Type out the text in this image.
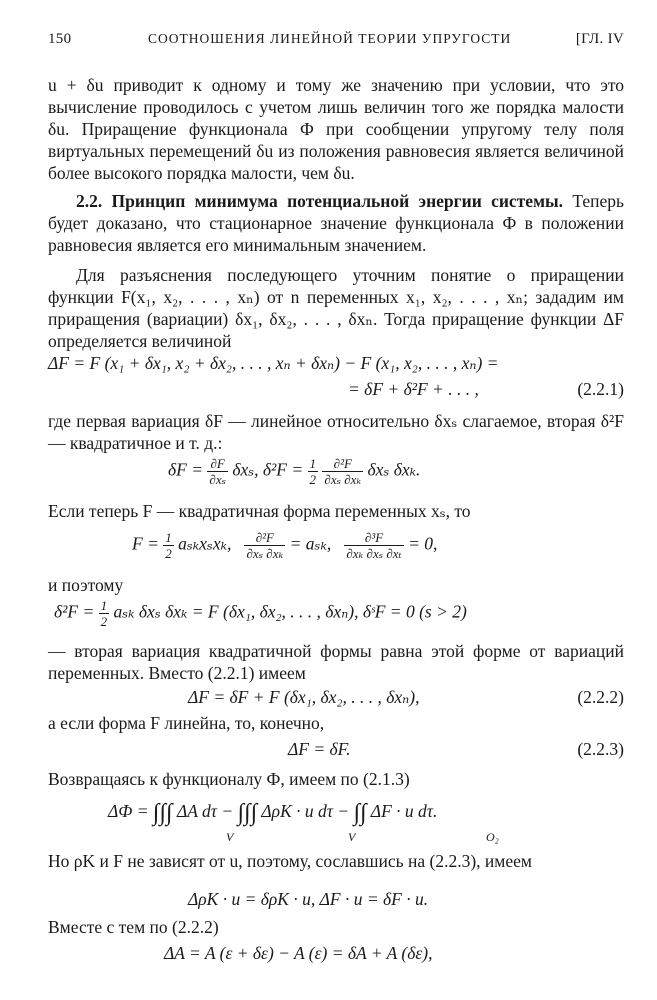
150	СООТНОШЕНИЯ ЛИНЕЙНОЙ ТЕОРИИ УПРУГОСТИ	[ГЛ. IV

u + δu приводит к одному и тому же значению при условии, что это вычисление проводилось с учетом лишь величин того же порядка малости δu. Приращение функционала Ф при сообщении упругому телу поля виртуальных перемещений δu из положения равновесия является величиной более высокого порядка малости, чем δu.

2.2. Принцип минимума потенциальной энергии системы. Теперь будет доказано, что стационарное значение функционала Ф в положении равновесия является его минимальным значением.

Для разъяснения последующего уточним понятие о приращении функции F(x₁, x₂, . . . , xₙ) от n переменных x₁, x₂, . . . , xₙ; зададим им приращения (вариации) δx₁, δx₂, . . . , δxₙ. Тогда приращение функции ΔF определяется величиной

ΔF = F (x₁ + δx₁, x₂ + δx₂, . . . , xₙ + δxₙ) − F (x₁, x₂, . . . , xₙ) =
= δF + δ²F + . . . ,	(2.2.1)

где первая вариация δF — линейное относительно δxₛ слагаемое, вторая δ²F — квадратичное и т. д.:

$\delta F = \frac{\partial F}{\text{∂xₛ}} \delta x_s$, $\delta^2F = \frac{1}{2}$
$\frac{\text{∂²F}}{\text{∂xₛ ∂xₖ}}$ δxₛ δxₖ.

Если теперь F — квадратичная форма переменных xₛ, то

$F = \frac{1}{2} a_{sk}x_sx_k$, $\frac{\text{∂²F}}{\text{∂xₛ ∂xₖ}} = a_{sk}$, $\frac{\text{∂³F}}{\text{∂xₖ ∂xₛ ∂xₜ}} = 0$,

и поэтому

$\delta^2F = \frac{1}{2}$ aₛₖ δxₛ δxₖ = F (δx₁, δx₂, . . . , δxₙ), δˢF = 0 (s > 2)

— вторая вариация квадратичной формы равна этой форме от вариаций переменных. Вместо (2.2.1) имеем

ΔF = δF + F (δx₁, δx₂, . . . , δxₙ),	(2.2.2)

а если форма F линейна, то, конечно,

ΔF = δF.	(2.2.3)

Возвращаясь к функционалу Ф, имеем по (2.1.3)

ΔФ = ∫∫∫ ΔA dτ − ∫∫∫ ΔρK · u dτ − ∫∫ ΔF · u dτ.
V	V	O₂

Но ρK и F не зависят от u, поэтому, сославшись на (2.2.3), имеем

ΔρK · u = δρK · u, ΔF · u = δF · u.

Вместе с тем по (2.2.2)

ΔA = A (ε + δε) − A (ε) = δA + A (δε),
